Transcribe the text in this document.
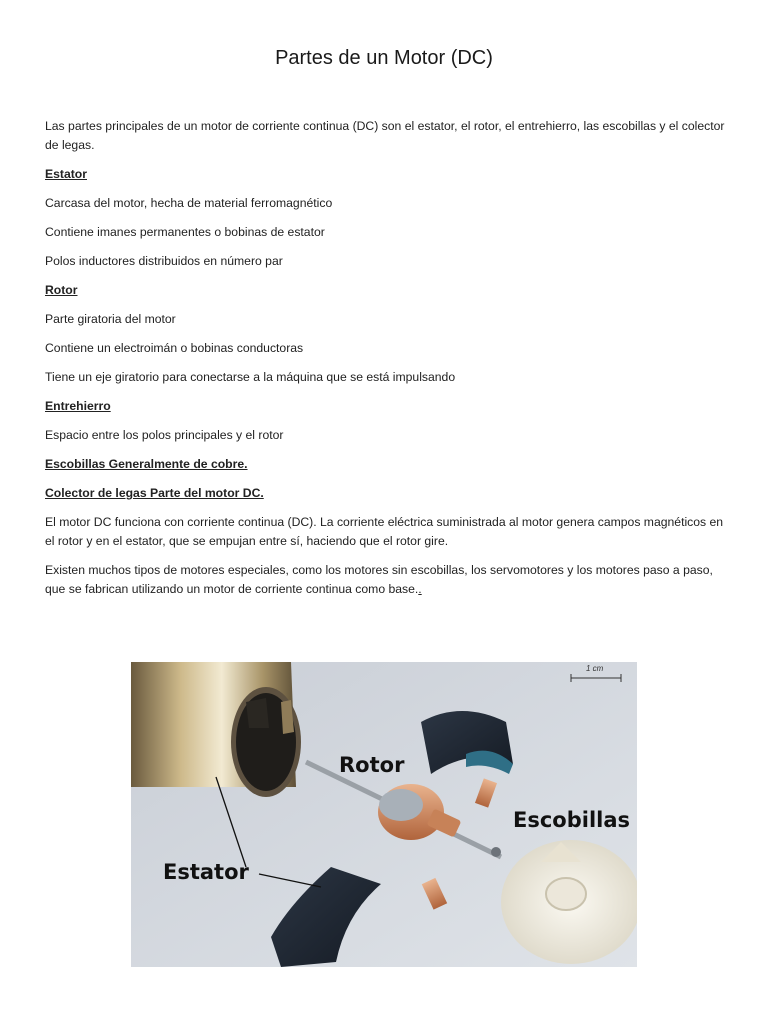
Partes de un Motor (DC)

Las partes principales de un motor de corriente continua (DC) son el estator, el rotor, el entrehierro, las escobillas y el colector de legas.

Estator

Carcasa del motor, hecha de material ferromagnético

Contiene imanes permanentes o bobinas de estator

Polos inductores distribuidos en número par

Rotor

Parte giratoria del motor

Contiene un electroimán o bobinas conductoras

Tiene un eje giratorio para conectarse a la máquina que se está impulsando

Entrehierro

Espacio entre los polos principales y el rotor

Escobillas Generalmente de cobre.

Colector de legas Parte del motor DC.

El motor DC funciona con corriente continua (DC). La corriente eléctrica suministrada al motor genera campos magnéticos en el rotor y en el estator, que se empujan entre sí, haciendo que el rotor gire.

Existen muchos tipos de motores especiales, como los motores sin escobillas, los servomotores y los motores paso a paso, que se fabrican utilizando un motor de corriente continua como base..

1 cm
Rotor
Escobillas
Estator
